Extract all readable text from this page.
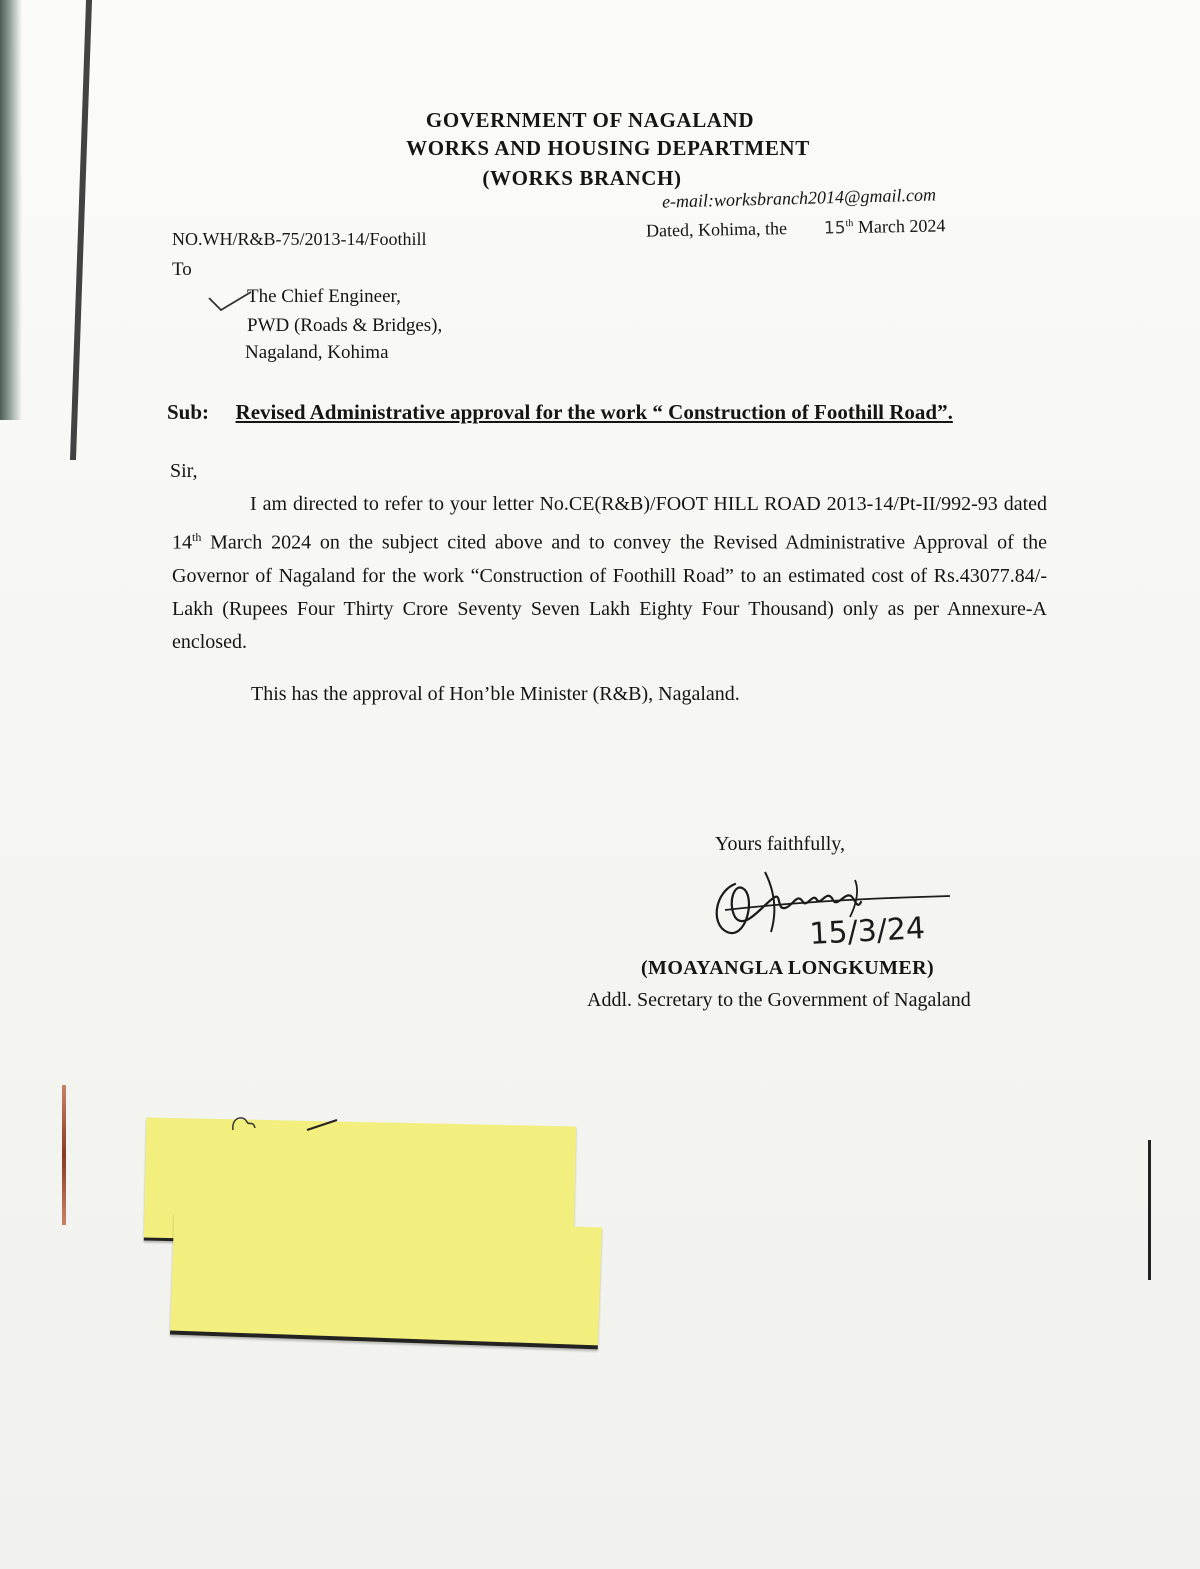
GOVERNMENT OF NAGALAND
WORKS AND HOUSING DEPARTMENT
(WORKS BRANCH)
e-mail:worksbranch2014@gmail.com
NO.WH/R&B-75/2013-14/Foothill	Dated, Kohima, the 15th March 2024
To
The Chief Engineer,
PWD (Roads & Bridges),
Nagaland, Kohima
Sub: Revised Administrative approval for the work “ Construction of Foothill Road”.
Sir,

I am directed to refer to your letter No.CE(R&B)/FOOT HILL ROAD 2013-14/Pt-II/992-93 dated 14th March 2024 on the subject cited above and to convey the Revised Administrative Approval of the Governor of Nagaland for the work “Construction of Foothill Road” to an estimated cost of Rs.43077.84/- Lakh (Rupees Four Thirty Crore Seventy Seven Lakh Eighty Four Thousand) only as per Annexure-A enclosed.

This has the approval of Hon’ble Minister (R&B), Nagaland.
Yours faithfully,
15/3/24
(MOAYANGLA LONGKUMER)
Addl. Secretary to the Government of Nagaland
